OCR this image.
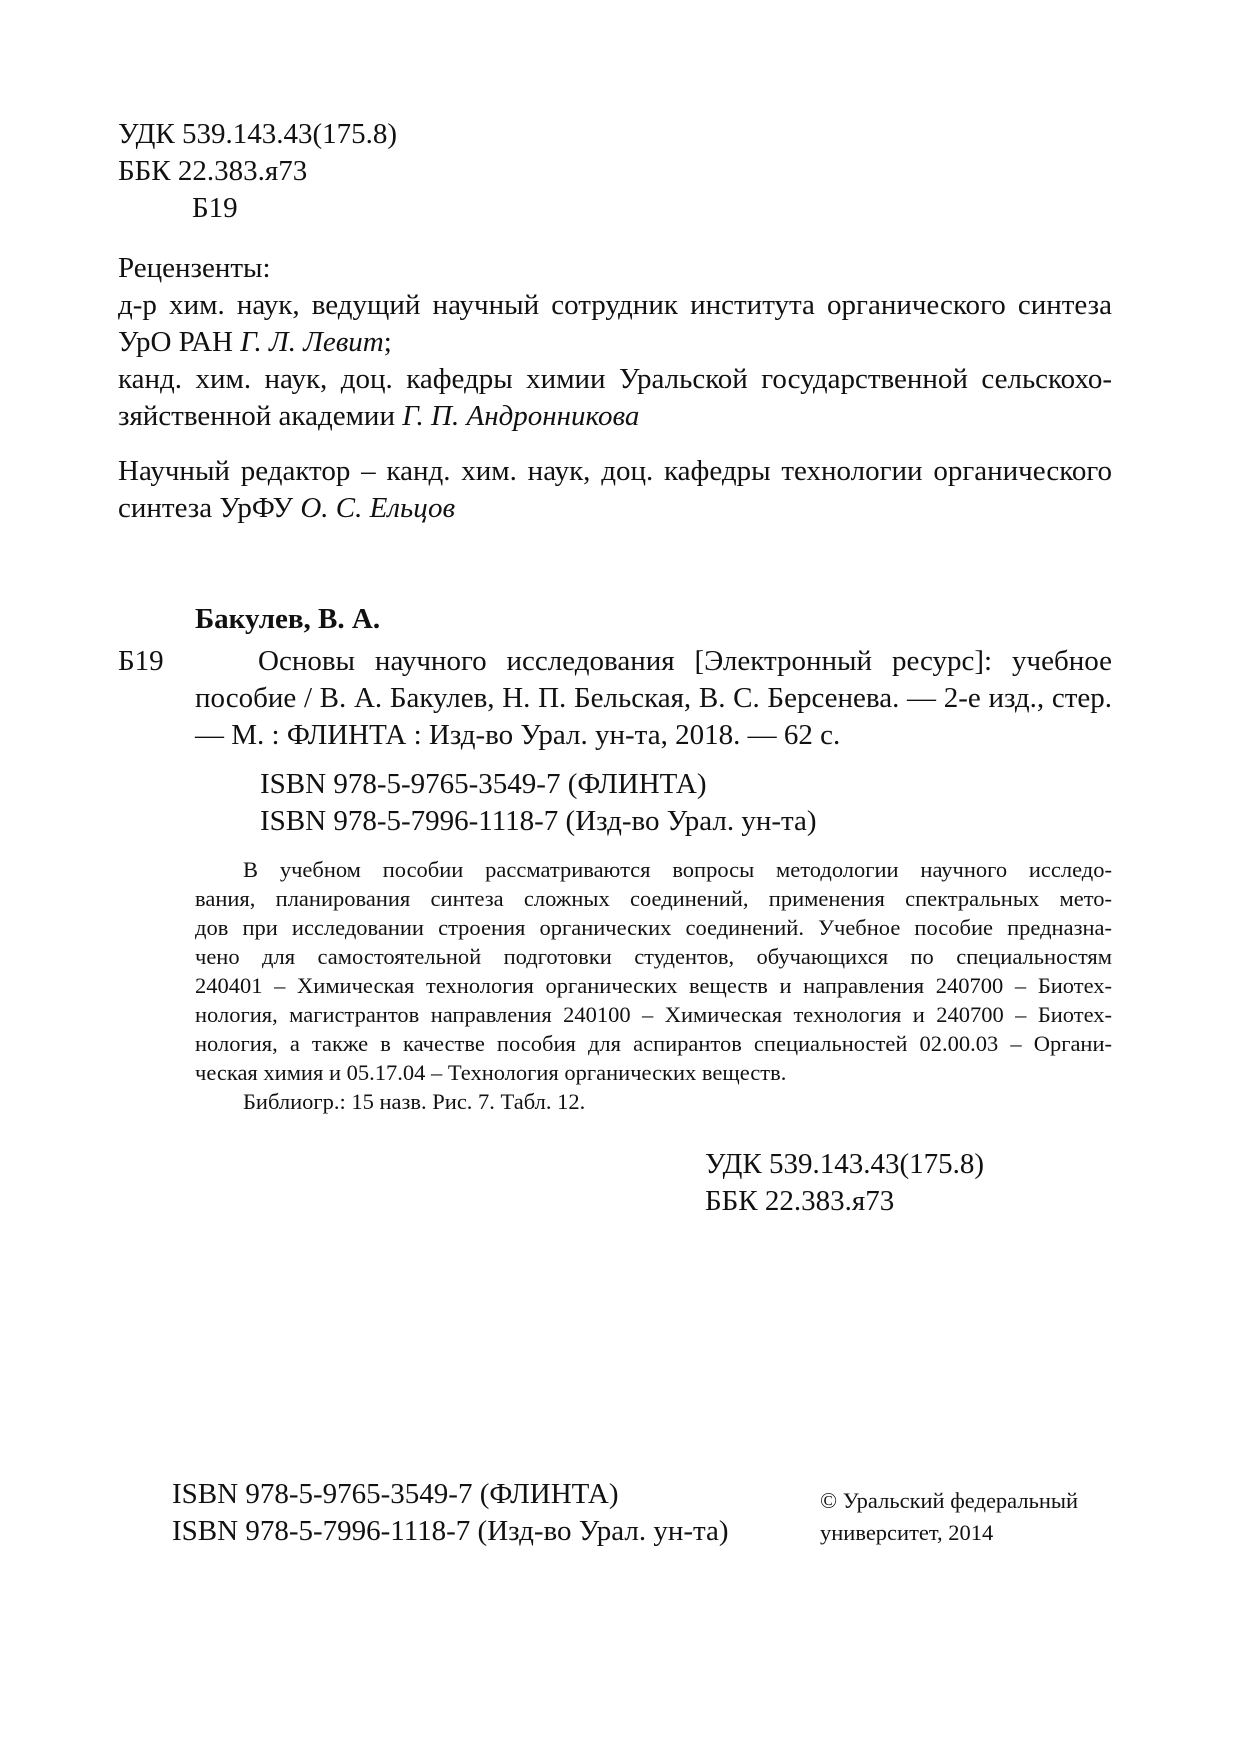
УДК 539.143.43(175.8)
ББК 22.383.я73
Б19
Рецензенты:
д-р хим. наук, ведущий научный сотрудник института органического синтеза
УрО РАН Г. Л. Левит;
канд. хим. наук, доц. кафедры химии Уральской государственной сельскохо-
зяйственной академии Г. П. Андронникова
Научный редактор – канд. хим. наук, доц. кафедры технологии органического
синтеза УрФУ О. С. Ельцов
Бакулев, В. А.
Б19	Основы научного исследования [Электронный ресурс]: учебное
пособие / В. А. Бакулев, Н. П. Бельская, В. С. Берсенева. — 2-е изд., стер.
— М. : ФЛИНТА : Изд-во Урал. ун-та, 2018. — 62 с.
ISBN 978-5-9765-3549-7 (ФЛИНТА)
ISBN 978-5-7996-1118-7 (Изд-во Урал. ун-та)
В учебном пособии рассматриваются вопросы методологии научного исследо-
вания, планирования синтеза сложных соединений, применения спектральных мето-
дов при исследовании строения органических соединений. Учебное пособие предназна-
чено для самостоятельной подготовки студентов, обучающихся по специальностям
240401 – Химическая технология органических веществ и направления 240700 – Биотех-
нология, магистрантов направления 240100 – Химическая технология и 240700 – Биотех-
нология, а также в качестве пособия для аспирантов специальностей 02.00.03 – Органи-
ческая химия и 05.17.04 – Технология органических веществ.
Библиогр.: 15 назв. Рис. 7. Табл. 12.
УДК 539.143.43(175.8)
ББК 22.383.я73
ISBN 978-5-9765-3549-7 (ФЛИНТА)
ISBN 978-5-7996-1118-7 (Изд-во Урал. ун-та)
© Уральский федеральный
университет, 2014
